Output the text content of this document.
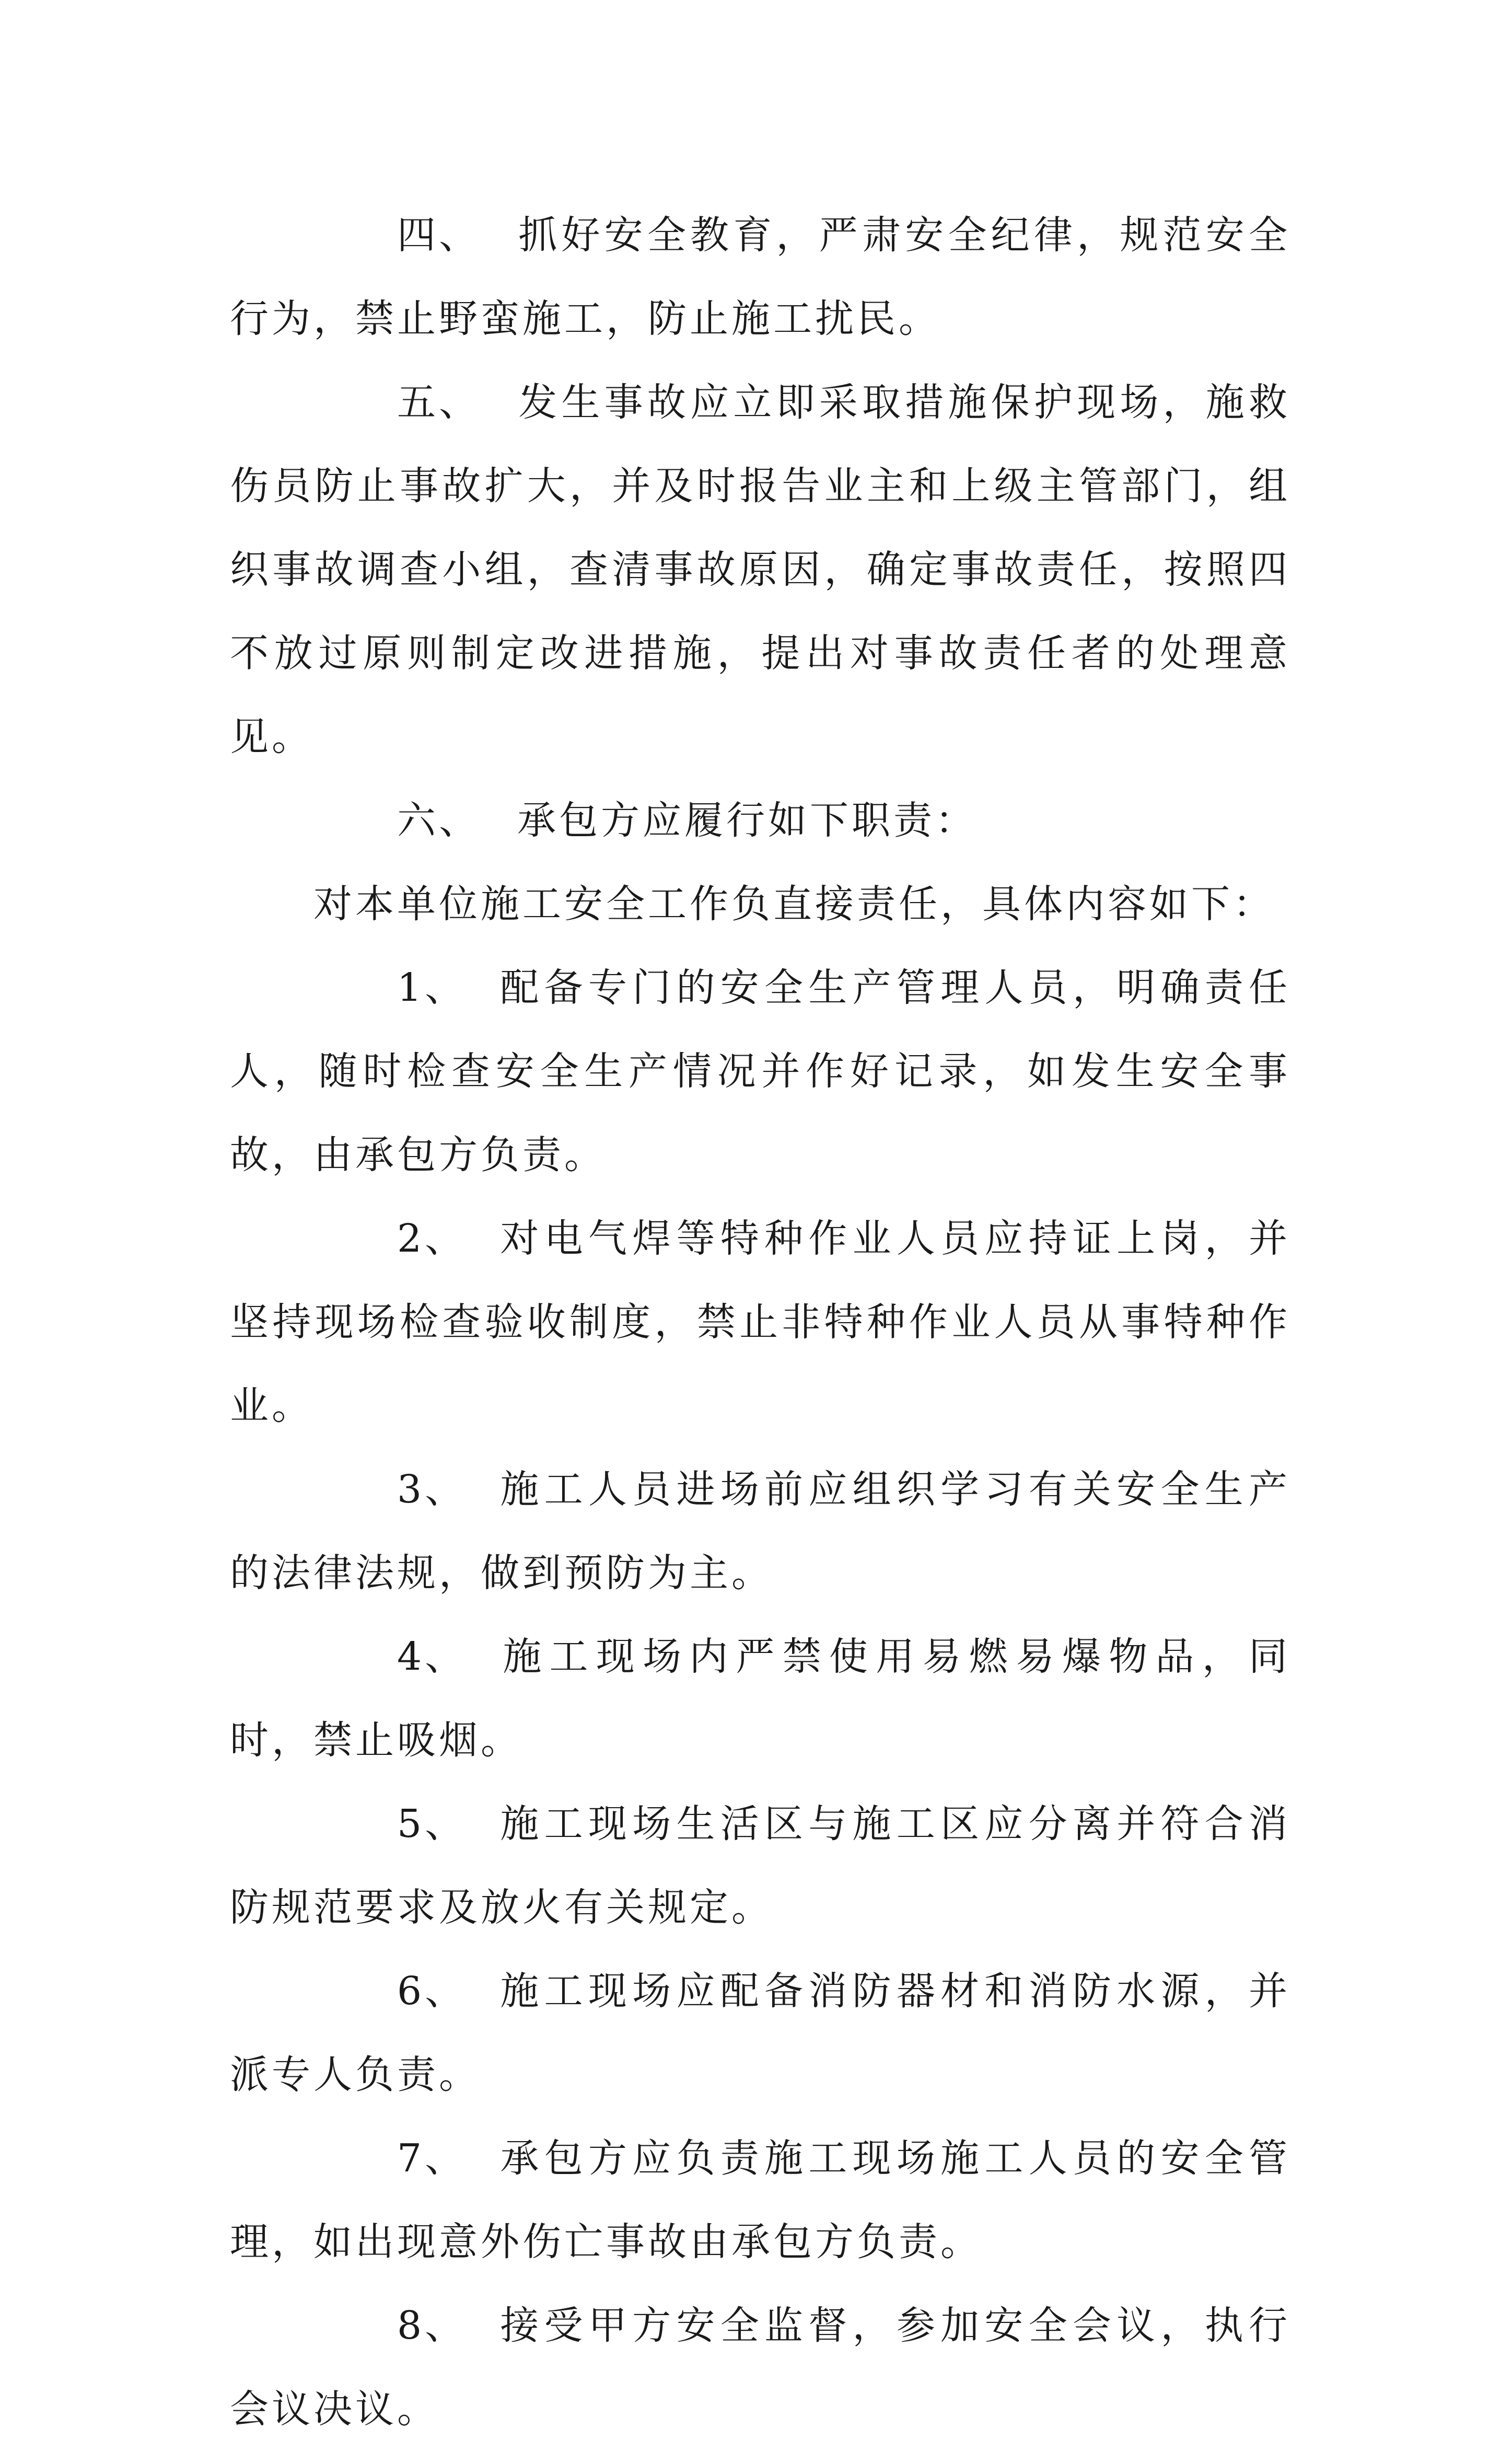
四、 抓好安全教育，严肃安全纪律，规范安全行为，禁止野蛮施工，防止施工扰民。

五、 发生事故应立即采取措施保护现场，施救伤员防止事故扩大，并及时报告业主和上级主管部门，组织事故调查小组，查清事故原因，确定事故责任，按照四不放过原则制定改进措施，提出对事故责任者的处理意见。

六、 承包方应履行如下职责：

对本单位施工安全工作负直接责任，具体内容如下：

1、 配备专门的安全生产管理人员，明确责任人，随时检查安全生产情况并作好记录，如发生安全事故，由承包方负责。

2、 对电气焊等特种作业人员应持证上岗，并坚持现场检查验收制度，禁止非特种作业人员从事特种作业。

3、 施工人员进场前应组织学习有关安全生产的法律法规，做到预防为主。

4、 施工现场内严禁使用易燃易爆物品，同时，禁止吸烟。

5、 施工现场生活区与施工区应分离并符合消防规范要求及放火有关规定。

6、 施工现场应配备消防器材和消防水源，并派专人负责。

7、 承包方应负责施工现场施工人员的安全管理，如出现意外伤亡事故由承包方负责。

8、 接受甲方安全监督，参加安全会议，执行会议决议。
